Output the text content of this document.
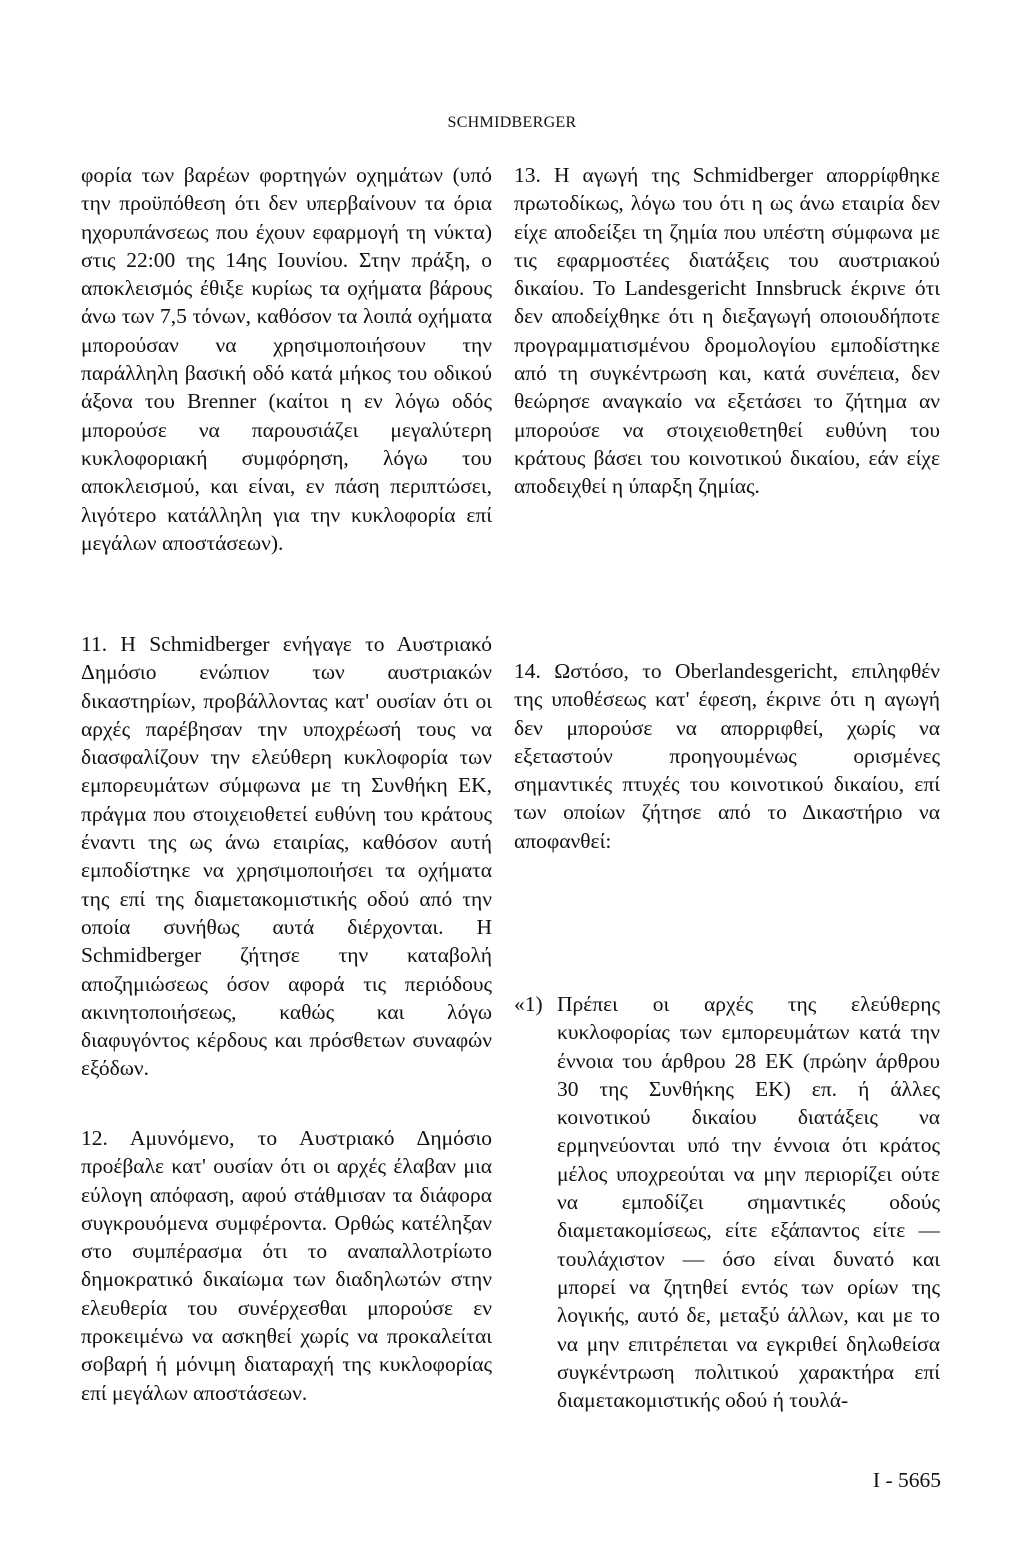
SCHMIDBERGER
φορία των βαρέων φορτηγών οχημάτων (υπό την προϋπόθεση ότι δεν υπερβαίνουν τα όρια ηχορυπάνσεως που έχουν εφαρμογή τη νύκτα) στις 22:00 της 14ης Ιουνίου. Στην πράξη, ο αποκλεισμός έθιξε κυρίως τα οχήματα βάρους άνω των 7,5 τόνων, καθόσον τα λοιπά οχήματα μπορούσαν να χρησιμοποιήσουν την παράλληλη βασική οδό κατά μήκος του οδικού άξονα του Brenner (καίτοι η εν λόγω οδός μπορούσε να παρουσιάζει μεγαλύτερη κυκλοφοριακή συμφόρηση, λόγω του αποκλεισμού, και είναι, εν πάση περιπτώσει, λιγότερο κατάλληλη για την κυκλοφορία επί μεγάλων αποστάσεων).
11. Η Schmidberger ενήγαγε το Αυστριακό Δημόσιο ενώπιον των αυστριακών δικαστηρίων, προβάλλοντας κατ' ουσίαν ότι οι αρχές παρέβησαν την υποχρέωσή τους να διασφαλίζουν την ελεύθερη κυκλοφορία των εμπορευμάτων σύμφωνα με τη Συνθήκη ΕΚ, πράγμα που στοιχειοθετεί ευθύνη του κράτους έναντι της ως άνω εταιρίας, καθόσον αυτή εμποδίστηκε να χρησιμοποιήσει τα οχήματα της επί της διαμετακομιστικής οδού από την οποία συνήθως αυτά διέρχονται. Η Schmidberger ζήτησε την καταβολή αποζημιώσεως όσον αφορά τις περιόδους ακινητοποιήσεως, καθώς και λόγω διαφυγόντος κέρδους και πρόσθετων συναφών εξόδων.
12. Αμυνόμενο, το Αυστριακό Δημόσιο προέβαλε κατ' ουσίαν ότι οι αρχές έλαβαν μια εύλογη απόφαση, αφού στάθμισαν τα διάφορα συγκρουόμενα συμφέροντα. Ορθώς κατέληξαν στο συμπέρασμα ότι το αναπαλλοτρίωτο δημοκρατικό δικαίωμα των διαδηλωτών στην ελευθερία του συνέρχεσθαι μπορούσε εν προκειμένω να ασκηθεί χωρίς να προκαλείται σοβαρή ή μόνιμη διαταραχή της κυκλοφορίας επί μεγάλων αποστάσεων.
13. Η αγωγή της Schmidberger απορρίφθηκε πρωτοδίκως, λόγω του ότι η ως άνω εταιρία δεν είχε αποδείξει τη ζημία που υπέστη σύμφωνα με τις εφαρμοστέες διατάξεις του αυστριακού δικαίου. Το Landesgericht Innsbruck έκρινε ότι δεν αποδείχθηκε ότι η διεξαγωγή οποιουδήποτε προγραμματισμένου δρομολογίου εμποδίστηκε από τη συγκέντρωση και, κατά συνέπεια, δεν θεώρησε αναγκαίο να εξετάσει το ζήτημα αν μπορούσε να στοιχειοθετηθεί ευθύνη του κράτους βάσει του κοινοτικού δικαίου, εάν είχε αποδειχθεί η ύπαρξη ζημίας.
14. Ωστόσο, το Oberlandesgericht, επιληφθέν της υποθέσεως κατ' έφεση, έκρινε ότι η αγωγή δεν μπορούσε να απορριφθεί, χωρίς να εξεταστούν προηγουμένως ορισμένες σημαντικές πτυχές του κοινοτικού δικαίου, επί των οποίων ζήτησε από το Δικαστήριο να αποφανθεί:
«1) Πρέπει οι αρχές της ελεύθερης κυκλοφορίας των εμπορευμάτων κατά την έννοια του άρθρου 28 ΕΚ (πρώην άρθρου 30 της Συνθήκης ΕΚ) επ. ή άλλες κοινοτικού δικαίου διατάξεις να ερμηνεύονται υπό την έννοια ότι κράτος μέλος υποχρεούται να μην περιορίζει ούτε να εμποδίζει σημαντικές οδούς διαμετακομίσεως, είτε εξάπαντος είτε — τουλάχιστον — όσο είναι δυνατό και μπορεί να ζητηθεί εντός των ορίων της λογικής, αυτό δε, μεταξύ άλλων, και με το να μην επιτρέπεται να εγκριθεί δηλωθείσα συγκέντρωση πολιτικού χαρακτήρα επί διαμετακομιστικής οδού ή τουλά-
I - 5665
